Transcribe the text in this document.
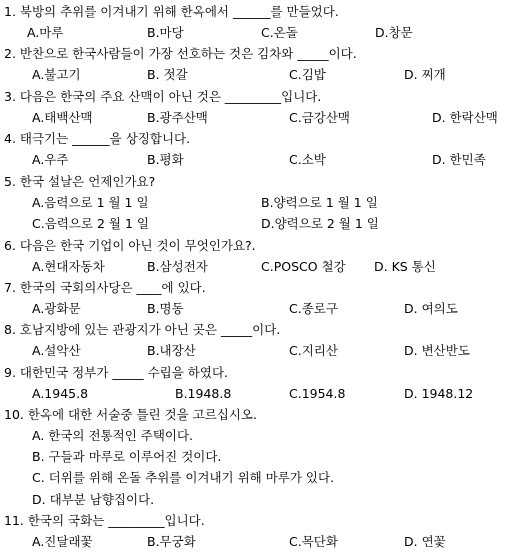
1. 북방의 추위를 이겨내기 위해 한옥에서 ______를 만들었다.
A.마루	B.마당	C.온돌	D.창문
2. 반찬으로 한국사람들이 가장 선호하는 것은 김차와 _____이다.
A.불고기	B. 젓갈	C.김밥	D. 찌개
3. 다음은 한국의 주요 산맥이 아닌 것은 _________입니다.
A.태백산맥	B.광주산맥	C.금강산맥	D. 한락산맥
4. 태극기는 ______을 상징합니다.
A.우주	B.평화	C.소박	D. 한민족
5. 한국 설날은 언제인가요?
A.음력으로 1 월 1 일	B.양력으로 1 월 1 일
C.음력으로 2 월 1 일	D.양력으로 2 월 1 일
6. 다음은 한국 기업이 아닌 것이 무엇인가요?.
A.현대자동차	B.삼성전자	C.POSCO 철강 D. KS 통신
7. 한국의 국회의사당은 ____에 있다.
A.광화문	B.명동	C.종로구	D. 여의도
8. 호남지방에 있는 관광지가 아닌 곳은 _____이다.
A.설악산	B.내장산	C.지리산	D. 변산반도
9. 대한민국 정부가 _____ 수립을 하였다.
A.1945.8	B.1948.8	C.1954.8	D. 1948.12
10. 한옥에 대한 서술중 틀린 것을 고르십시오.
A. 한국의 전통적인 주택이다.
B. 구들과 마루로 이루어진 것이다.
C. 더위를 위해 온돌 추위를 이겨내기 위해 마루가 있다.
D. 대부분 남향집이다.
11. 한국의 국화는 _________입니다.
A.진달래꽃	B.무궁화	C.목단화	D. 연꽃
